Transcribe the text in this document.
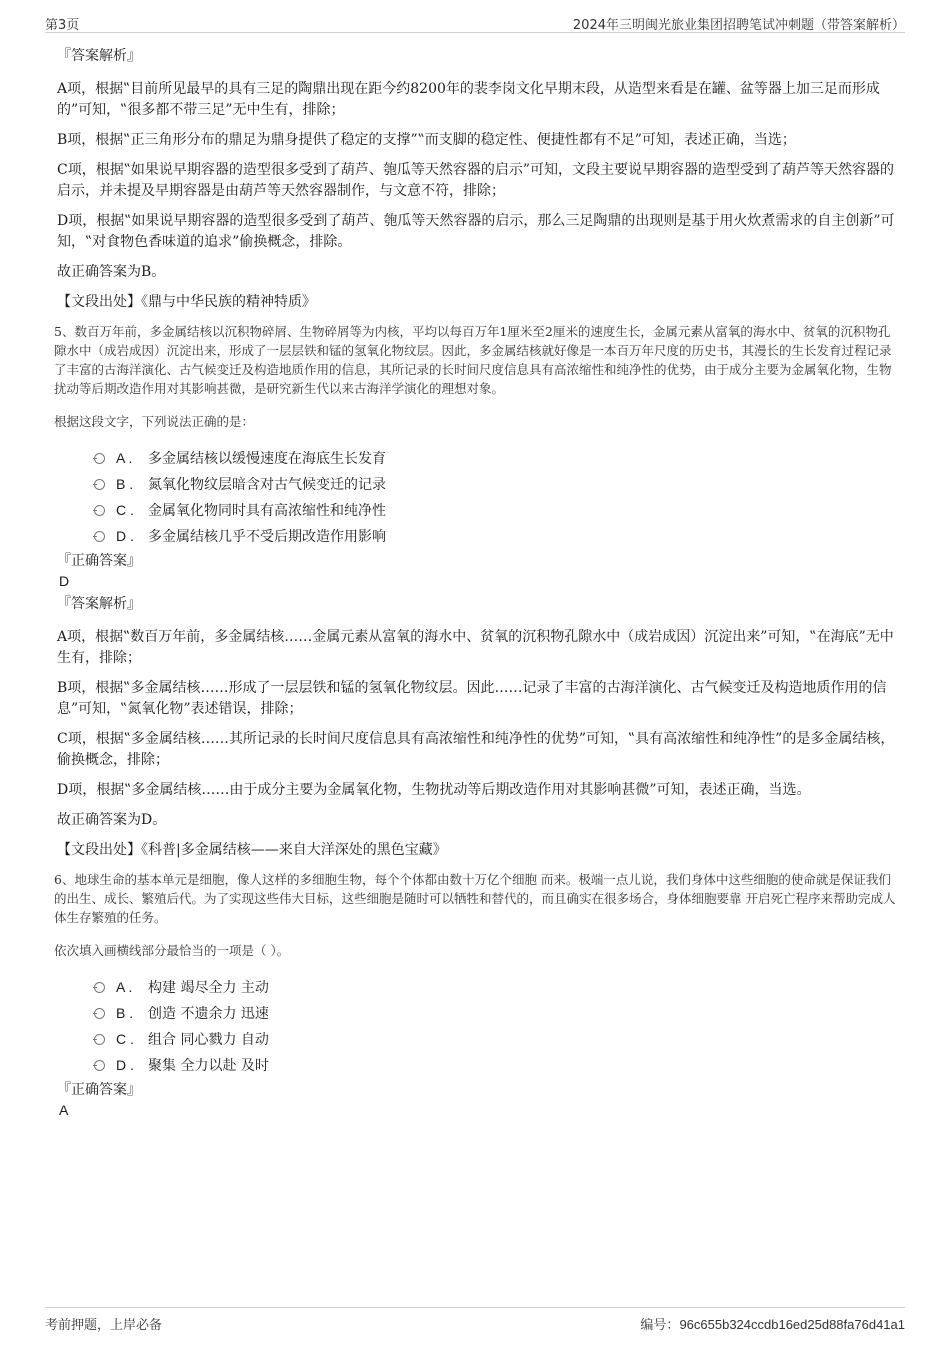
第3页	2024年三明闽光旅业集团招聘笔试冲刺题（带答案解析）

『答案解析』

A项，根据‟目前所见最早的具有三足的陶鼎出现在距今约8200年的裴李岗文化早期末段，从造型来看是在罐、盆等器上加三足而形成的”可知，‟很多都不带三足”无中生有，排除；

B项，根据‟正三角形分布的鼎足为鼎身提供了稳定的支撑”‟而支脚的稳定性、便捷性都有不足”可知，表述正确，当选；

C项，根据‟如果说早期容器的造型很多受到了葫芦、匏瓜等天然容器的启示”可知，文段主要说早期容器的造型受到了葫芦等天然容器的启示，并未提及早期容器是由葫芦等天然容器制作，与文意不符，排除；

D项，根据‟如果说早期容器的造型很多受到了葫芦、匏瓜等天然容器的启示，那么三足陶鼎的出现则是基于用火炊煮需求的自主创新”可知，‟对食物色香味道的追求”偷换概念，排除。

故正确答案为B。

【文段出处】《鼎与中华民族的精神特质》

5、数百万年前，多金属结核以沉积物碎屑、生物碎屑等为内核，平均以每百万年1厘米至2厘米的速度生长，金属元素从富氧的海水中、贫氧的沉积物孔隙水中（成岩成因）沉淀出来，形成了一层层铁和锰的氢氧化物纹层。因此，多金属结核就好像是一本百万年尺度的历史书，其漫长的生长发育过程记录了丰富的古海洋演化、古气候变迁及构造地质作用的信息，其所记录的长时间尺度信息具有高浓缩性和纯净性的优势，由于成分主要为金属氧化物，生物扰动等后期改造作用对其影响甚微，是研究新生代以来古海洋学演化的理想对象。

根据这段文字，下列说法正确的是：

A . 多金属结核以缓慢速度在海底生长发育
B . 氮氧化物纹层暗含对古气候变迁的记录
C . 金属氧化物同时具有高浓缩性和纯净性
D . 多金属结核几乎不受后期改造作用影响

『正确答案』

D

『答案解析』

A项，根据‟数百万年前，多金属结核……金属元素从富氧的海水中、贫氧的沉积物孔隙水中（成岩成因）沉淀出来”可知，‟在海底”无中生有，排除；

B项，根据‟多金属结核……形成了一层层铁和锰的氢氧化物纹层。因此……记录了丰富的古海洋演化、古气候变迁及构造地质作用的信息”可知，‟氮氧化物”表述错误，排除；

C项，根据‟多金属结核……其所记录的长时间尺度信息具有高浓缩性和纯净性的优势”可知，‟具有高浓缩性和纯净性”的是多金属结核，偷换概念，排除；

D项，根据‟多金属结核……由于成分主要为金属氧化物，生物扰动等后期改造作用对其影响甚微”可知，表述正确，当选。

故正确答案为D。

【文段出处】《科普|多金属结核——来自大洋深处的黑色宝藏》

6、地球生命的基本单元是细胞，像人这样的多细胞生物，每个个体都由数十万亿个细胞 而来。极端一点儿说，我们身体中这些细胞的使命就是保证我们的出生、成长、繁殖后代。为了实现这些伟大目标，这些细胞是随时可以牺牲和替代的，而且确实在很多场合，身体细胞要靠 开启死亡程序来帮助完成人体生存繁殖的任务。

依次填入画横线部分最恰当的一项是（ ）。

A . 构建 竭尽全力 主动
B . 创造 不遗余力 迅速
C . 组合 同心戮力 自动
D . 聚集 全力以赴 及时

『正确答案』

A

考前押题，上岸必备	编号：96c655b324ccdb16ed25d88fa76d41a1
